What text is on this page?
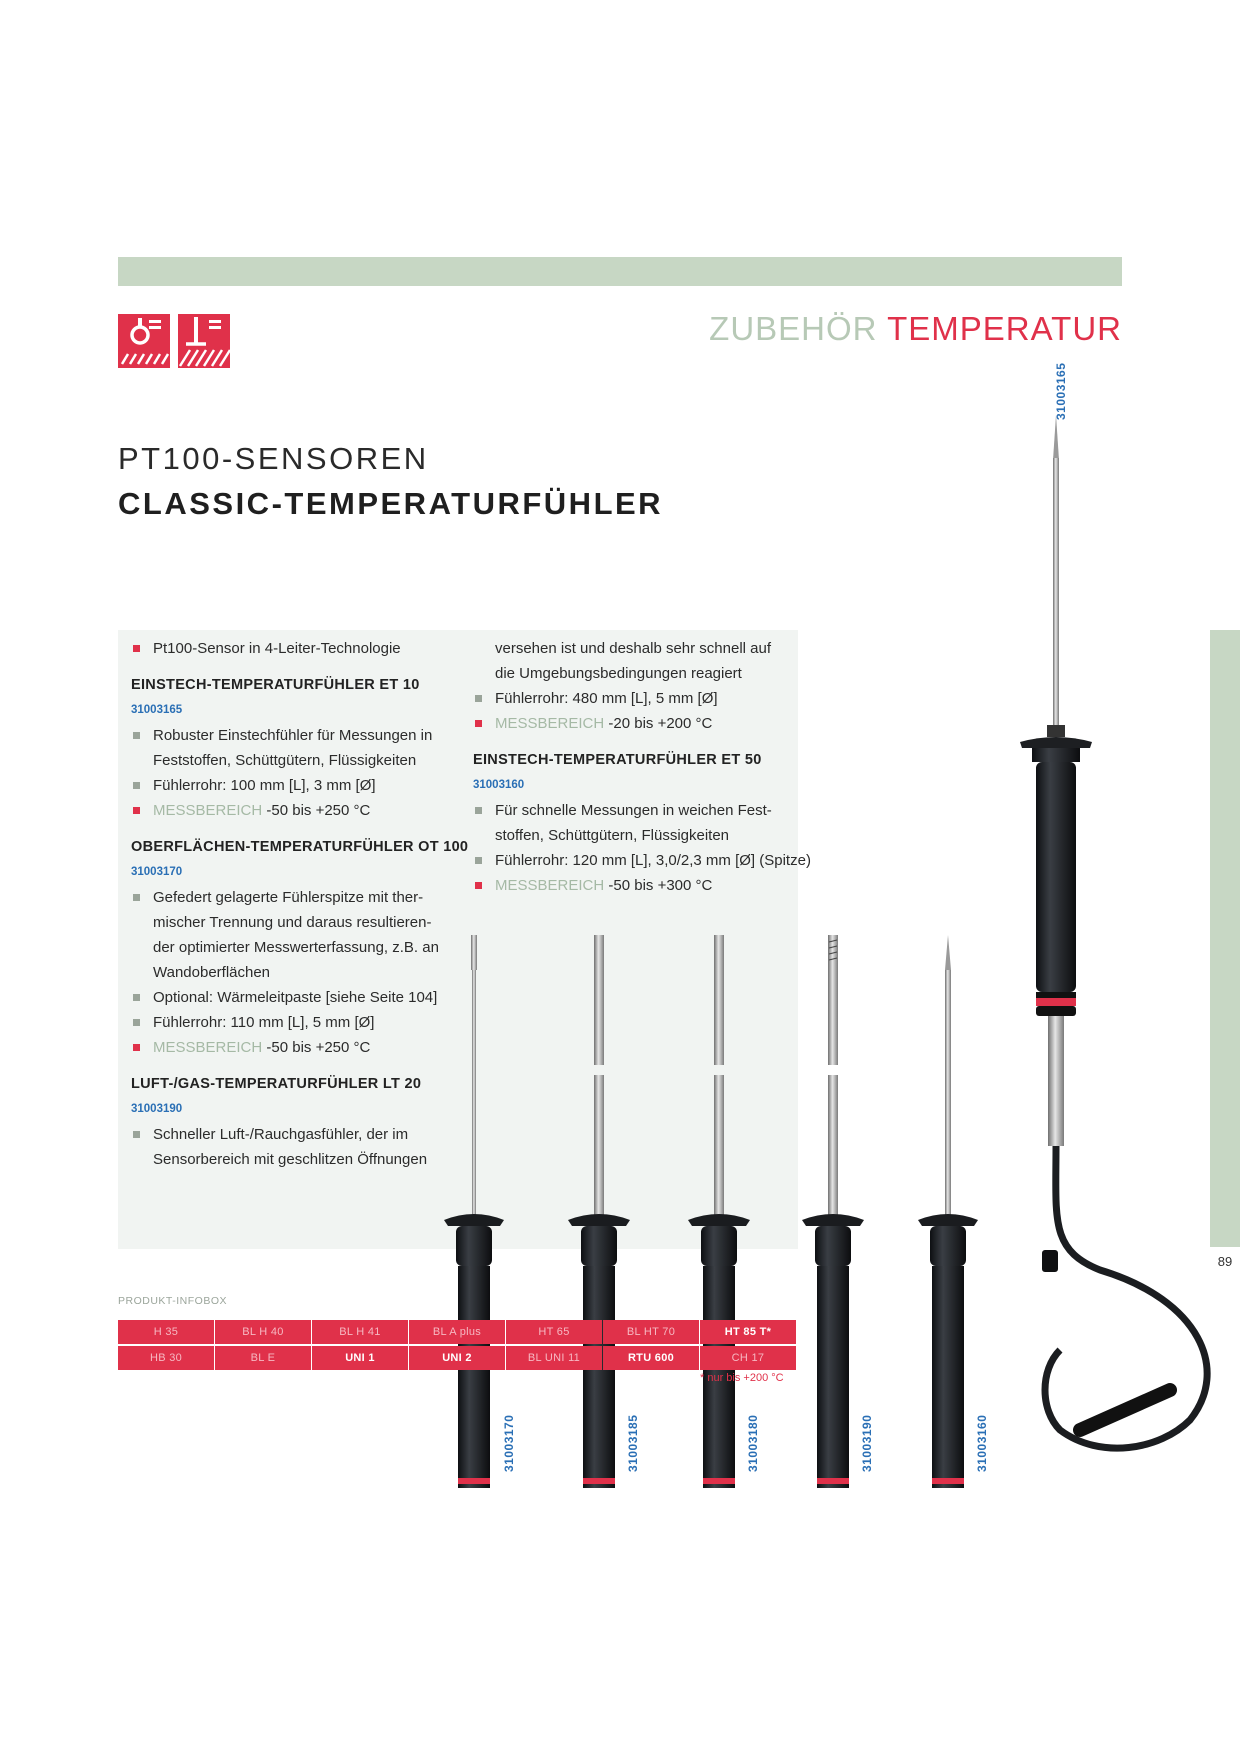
ZUBEHÖR TEMPERATUR
PT100-SENSOREN
CLASSIC-TEMPERATURFÜHLER
Pt100-Sensor in 4-Leiter-Technologie
EINSTECH-TEMPERATURFÜHLER ET 10
31003165
Robuster Einstechfühler für Messungen in
Feststoffen, Schüttgütern, Flüssigkeiten
Fühlerrohr: 100 mm [L], 3 mm [Ø]
MESSBEREICH -50 bis +250 °C
OBERFLÄCHEN-TEMPERATURFÜHLER OT 100
31003170
Gefedert gelagerte Fühlerspitze mit ther-
mischer Trennung und daraus resultieren-
der optimierter Messwerterfassung, z.B. an
Wandoberflächen
Optional: Wärmeleitpaste [siehe Seite 104]
Fühlerrohr: 110 mm [L], 5 mm [Ø]
MESSBEREICH -50 bis +250 °C
LUFT-/GAS-TEMPERATURFÜHLER LT 20
31003190
Schneller Luft-/Rauchgasfühler, der im
Sensorbereich mit geschlitzen Öffnungen
versehen ist und deshalb sehr schnell auf
die Umgebungsbedingungen reagiert
Fühlerrohr: 480 mm [L], 5 mm [Ø]
MESSBEREICH -20 bis +200 °C
EINSTECH-TEMPERATURFÜHLER ET 50
31003160
Für schnelle Messungen in weichen Fest-
stoffen, Schüttgütern, Flüssigkeiten
Fühlerrohr: 120 mm [L], 3,0/2,3 mm [Ø] (Spitze)
MESSBEREICH -50 bis +300 °C
31003165
31003170	31003185	31003180	31003190	31003160
89
PRODUKT-INFOBOX
H 35	BL H 40	BL H 41	BL A plus	HT 65	BL HT 70	HT 85 T*
HB 30	BL E	UNI 1	UNI 2	BL UNI 11	RTU 600	CH 17
* nur bis +200 °C
